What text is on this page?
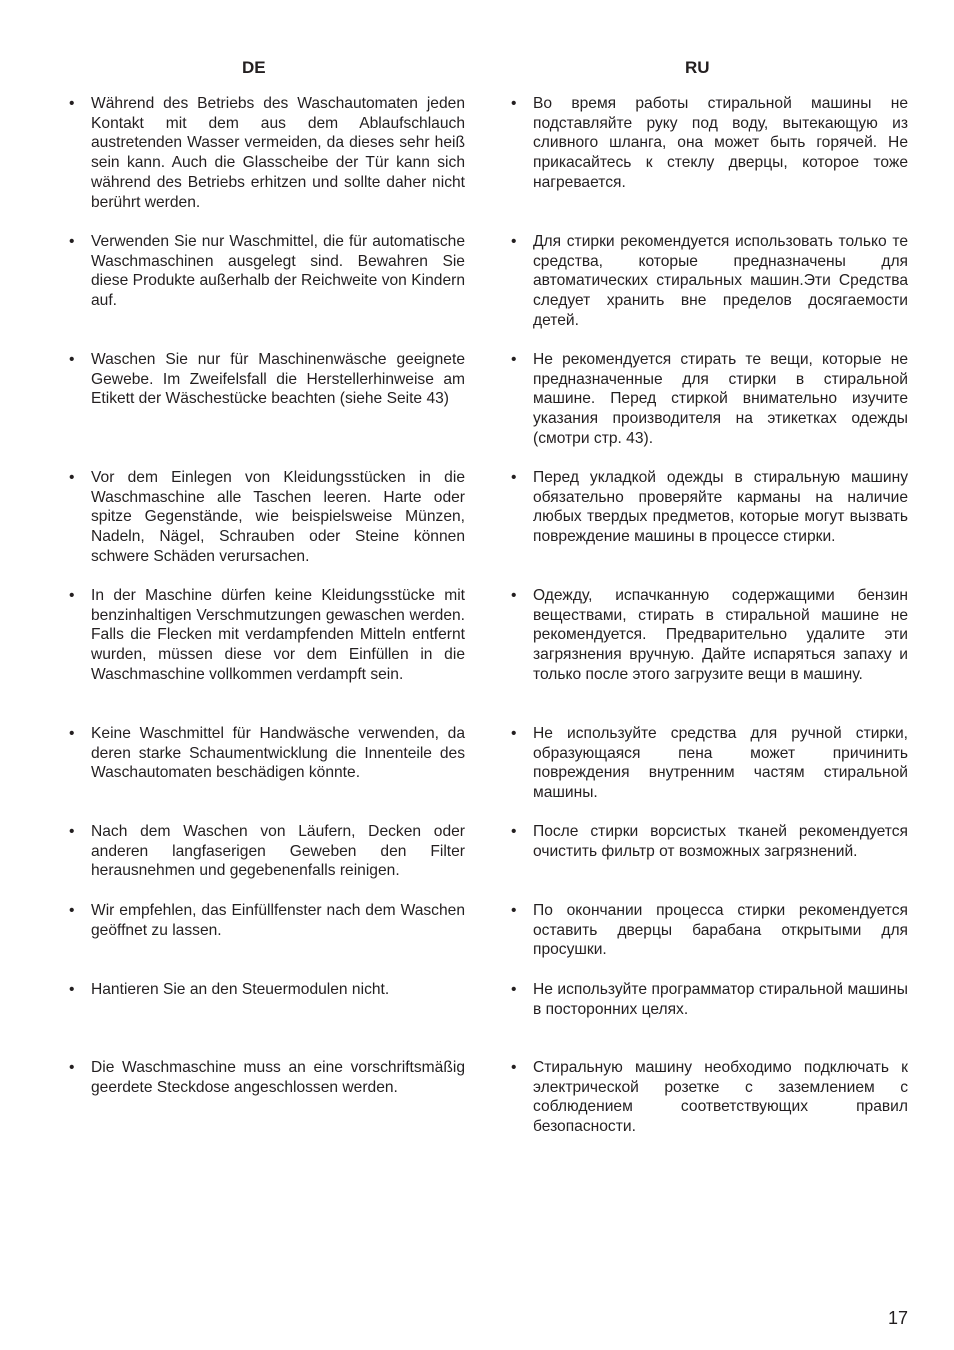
DE	RU
• Während des Betriebs des Waschautomaten jeden Kontakt mit dem aus dem Ablaufschlauch austretenden Wasser vermeiden, da dieses sehr heiß sein kann. Auch die Glasscheibe der Tür kann sich während des Betriebs erhitzen und sollte daher nicht berührt werden.
• Verwenden Sie nur Waschmittel, die für automatische Waschmaschinen ausgelegt sind. Bewahren Sie diese Produkte außerhalb der Reichweite von Kindern auf.
• Waschen Sie nur für Maschinenwäsche geeignete Gewebe. Im Zweifelsfall die Herstellerhinweise am Etikett der Wäschestücke beachten (siehe Seite 43)
• Vor dem Einlegen von Kleidungsstücken in die Waschmaschine alle Taschen leeren. Harte oder spitze Gegenstände, wie beispielsweise Münzen, Nadeln, Nägel, Schrauben oder Steine können schwere Schäden verursachen.
• In der Maschine dürfen keine Kleidungsstücke mit benzinhaltigen Verschmutzungen gewaschen werden. Falls die Flecken mit verdampfenden Mitteln entfernt wurden, müssen diese vor dem Einfüllen in die Waschmaschine vollkommen verdampft sein.
• Keine Waschmittel für Handwäsche verwenden, da deren starke Schaumentwicklung die Innenteile des Waschautomaten beschädigen könnte.
• Nach dem Waschen von Läufern, Decken oder anderen langfaserigen Geweben den Filter herausnehmen und gegebenenfalls reinigen.
• Wir empfehlen, das Einfüllfenster nach dem Waschen geöffnet zu lassen.
• Hantieren Sie an den Steuermodulen nicht.
• Die Waschmaschine muss an eine vorschriftsmäßig geerdete Steckdose angeschlossen werden.
• Во время работы стиральной машины не подставляйте руку под воду, вытекающую из сливного шланга, она может быть горячей. Не прикасайтесь к стеклу дверцы, которое тоже нагревается.
• Для стирки рекомендуется использовать только те средства, которые предназначены для автоматических стиральных машин.Эти Средства следует хранить вне пределов досягаемости детей.
• Не рекомендуется стирать те вещи, которые не предназначенные для стирки в стиральной машине. Перед стиркой внимательно изучите указания производителя на этикетках одежды (смотри стр. 43).
• Перед укладкой одежды в стиральную машину обязательно проверяйте карманы на наличие любых твердых предметов, которые могут вызвать повреждение машины в процессе стирки.
• Одежду, испачканную содержащими бензин веществами, стирать в стиральной машине не рекомендуется. Предварительно удалите эти загрязнения вручную. Дайте испаряться запаху и только после этого загрузите вещи в машину.
• Не используйте средства для ручной стирки, образующаяся пена может причинить повреждения внутренним частям стиральной машины.
• После стирки ворсистых тканей рекомендуется очистить фильтр от возможных загрязнений.
• По окончании процесса стирки рекомендуется оставить дверцы барабана открытыми для просушки.
• Не используйте программатор стиральной машины в посторонних целях.
• Стиральную машину необходимо подключать к электрической розетке с заземлением с соблюдением соответствующих правил безопасности.
17
